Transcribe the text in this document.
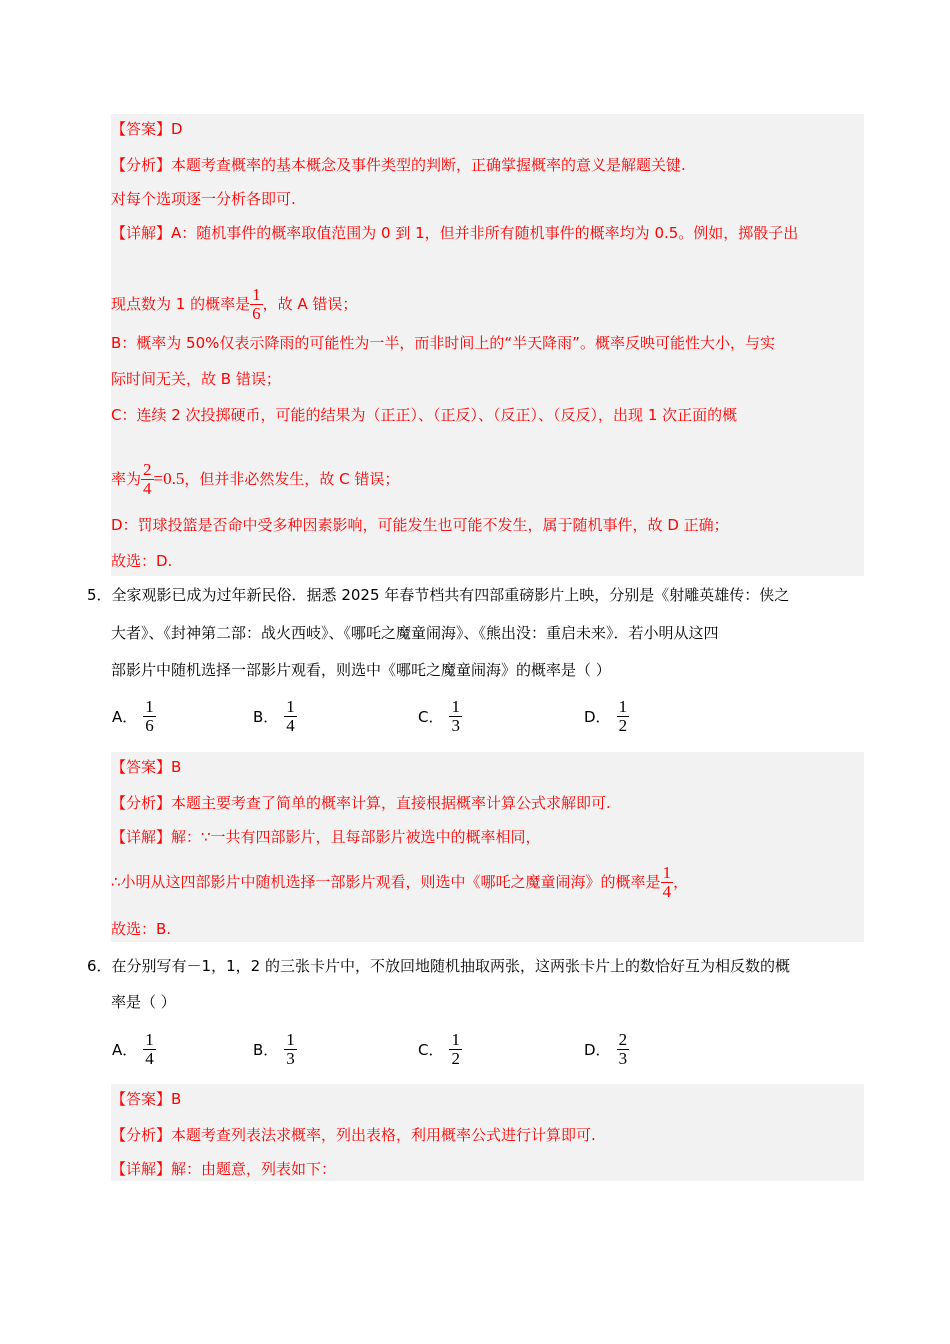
【答案】D
【分析】本题考查概率的基本概念及事件类型的判断，正确掌握概率的意义是解题关键.
对每个选项逐一分析各即可.
【详解】A：随机事件的概率取值范围为 0 到 1，但并非所有随机事件的概率均为 0.5。例如，掷骰子出
现点数为 1 的概率是 $\frac{1}{6}$ ，故 A 错误；
B：概率为 50%仅表示降雨的可能性为一半，而非时间上的“半天降雨”。概率反映可能性大小，与实
际时间无关，故 B 错误；
C：连续 2 次投掷硬币，可能的结果为（正正）、（正反）、（反正）、（反反），出现 1 次正面的概
率为 $\frac{2}{4} =0.5$，但并非必然发生，故 C 错误；
D：罚球投篮是否命中受多种因素影响，可能发生也可能不发生，属于随机事件，故 D 正确；
故选：D.
5．全家观影已成为过年新民俗．据悉 2025 年春节档共有四部重磅影片上映，分别是《射雕英雄传：侠之
大者》、《封神第二部：战火西岐》、《哪吒之魔童闹海》、《熊出没：重启未来》．若小明从这四
部影片中随机选择一部影片观看，则选中《哪吒之魔童闹海》的概率是（ ）
A． $\frac{1}{6}$	B． $\frac{1}{4}$	C． $\frac{1}{3}$	D． $\frac{1}{2}$
【答案】B
【分析】本题主要考查了简单的概率计算，直接根据概率计算公式求解即可.
【详解】解：∵一共有四部影片，且每部影片被选中的概率相同，
∴小明从这四部影片中随机选择一部影片观看，则选中《哪吒之魔童闹海》的概率是 $\frac{1}{4}$ ，
故选：B.
6．在分别写有－1，1，2 的三张卡片中，不放回地随机抽取两张，这两张卡片上的数恰好互为相反数的概
率是（ ）
A． $\frac{1}{4}$	B． $\frac{1}{3}$	C． $\frac{1}{2}$	D． $\frac{2}{3}$
【答案】B
【分析】本题考查列表法求概率，列出表格，利用概率公式进行计算即可.
【详解】解：由题意，列表如下：
